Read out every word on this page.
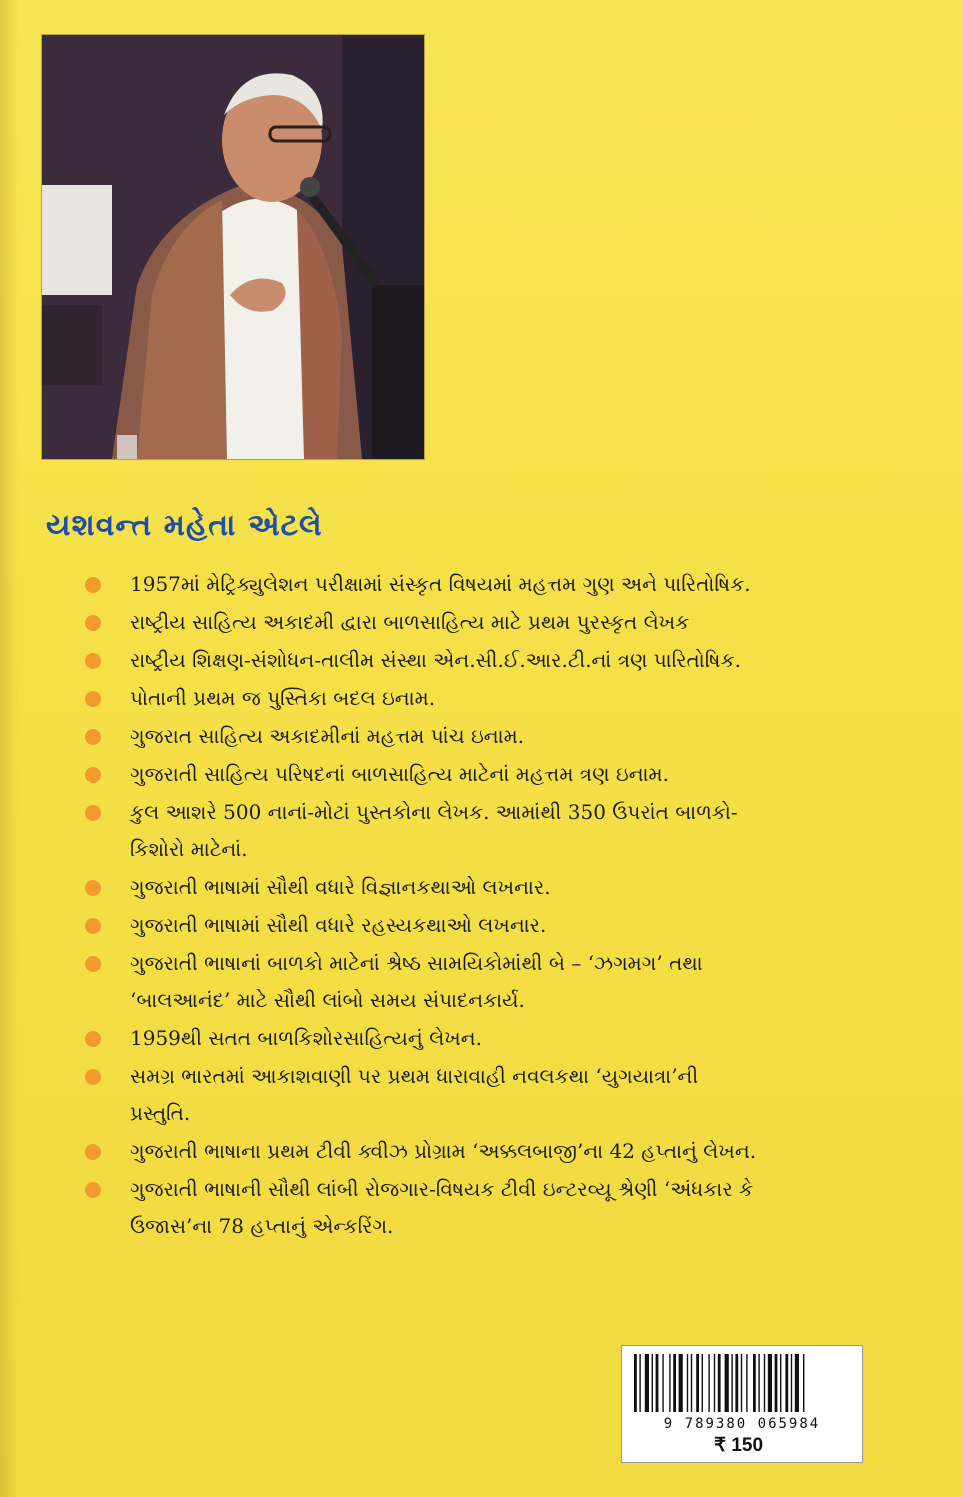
યશવન્ત મહેતા એટલે
1957માં મેટ્રિક્યુલેશન પરીક્ષામાં સંસ્કૃત વિષયમાં મહત્તમ ગુણ અને પારિતોષિક.
રાષ્ટ્રીય સાહિત્ય અકાદમી દ્વારા બાળસાહિત્ય માટે પ્રથમ પુરસ્કૃત લેખક
રાષ્ટ્રીય શિક્ષણ-સંશોધન-તાલીમ સંસ્થા એન.સી.ઈ.આર.ટી.નાં ત્રણ પારિતોષિક.
પોતાની પ્રથમ જ પુસ્તિકા બદલ ઇનામ.
ગુજરાત સાહિત્ય અકાદમીનાં મહત્તમ પાંચ ઇનામ.
ગુજરાતી સાહિત્ય પરિષદનાં બાળસાહિત્ય માટેનાં મહત્તમ ત્રણ ઇનામ.
કુલ આશરે 500 નાનાં-મોટાં પુસ્તકોના લેખક. આમાંથી 350 ઉપરાંત બાળકો-
કિશોરો માટેનાં.
ગુજરાતી ભાષામાં સૌથી વધારે વિજ્ઞાનકથાઓ લખનાર.
ગુજરાતી ભાષામાં સૌથી વધારે રહસ્યકથાઓ લખનાર.
ગુજરાતી ભાષાનાં બાળકો માટેનાં શ્રેષ્ઠ સામયિકોમાંથી બે – ‘ઝગમગ’ તથા
‘બાલઆનંદ’ માટે સૌથી લાંબો સમય સંપાદનકાર્ય.
1959થી સતત બાળકિશોરસાહિત્યનું લેખન.
સમગ્ર ભારતમાં આકાશવાણી પર પ્રથમ ધારાવાહી નવલકથા ‘યુગયાત્રા’ની
પ્રસ્તુતિ.
ગુજરાતી ભાષાના પ્રથમ ટીવી ક્વીઝ પ્રોગ્રામ ‘અક્કલબાજી’ના 42 હપ્તાનું લેખન.
ગુજરાતી ભાષાની સૌથી લાંબી રોજગાર-વિષયક ટીવી ઇન્ટરવ્યૂ શ્રેણી ‘અંધકાર કે
ઉજાસ’ના 78 હપ્તાનું એન્કરિંગ.
9 789380 065984
₹ 150
